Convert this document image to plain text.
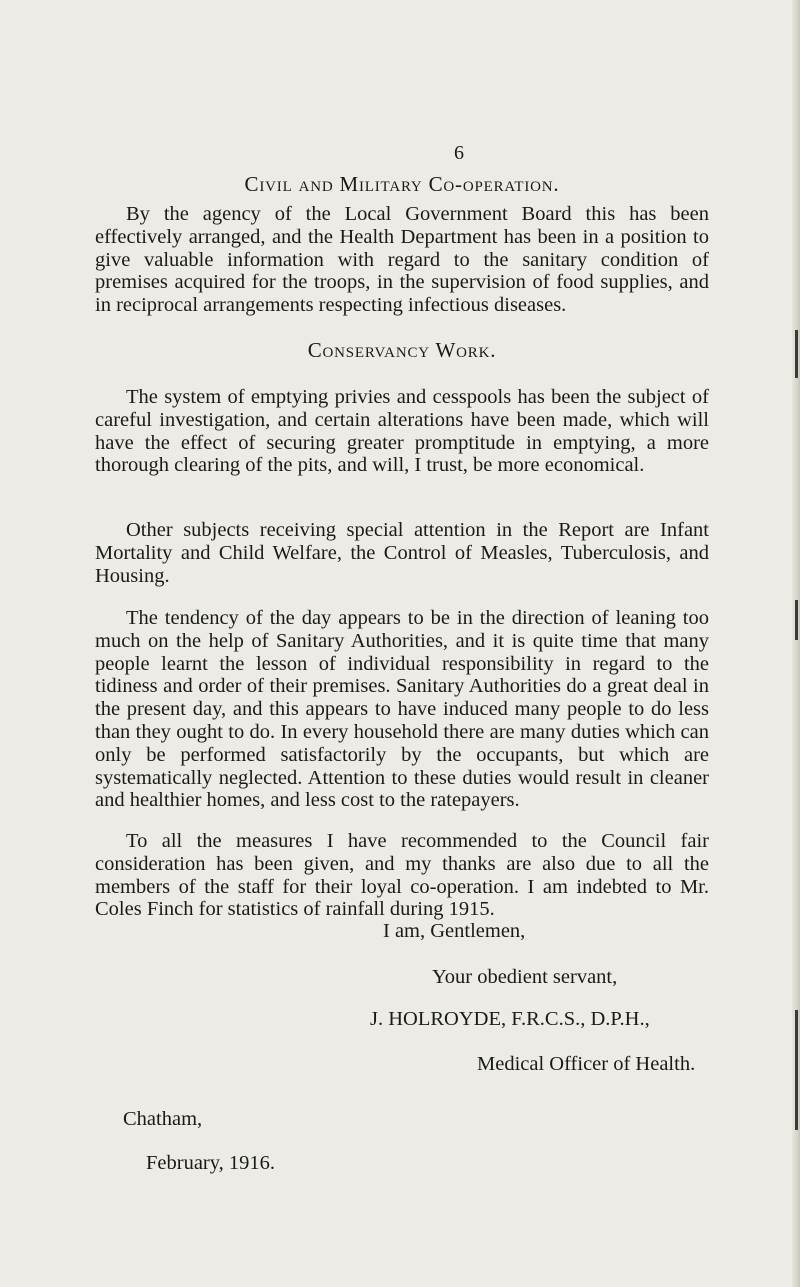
6
Civil and Military Co-operation.

By the agency of the Local Government Board this has been effectively arranged, and the Health Department has been in a position to give valuable information with regard to the sanitary condition of premises acquired for the troops, in the supervision of food supplies, and in reciprocal arrangements respecting infectious diseases.

Conservancy Work.

The system of emptying privies and cesspools has been the subject of careful investigation, and certain alterations have been made, which will have the effect of securing greater promptitude in emptying, a more thorough clearing of the pits, and will, I trust, be more economical.

Other subjects receiving special attention in the Report are Infant Mortality and Child Welfare, the Control of Measles, Tuberculosis, and Housing.

The tendency of the day appears to be in the direction of leaning too much on the help of Sanitary Authorities, and it is quite time that many people learnt the lesson of individual responsibility in regard to the tidiness and order of their premises. Sanitary Authorities do a great deal in the present day, and this appears to have induced many people to do less than they ought to do. In every household there are many duties which can only be performed satisfactorily by the occupants, but which are systematically neglected. Attention to these duties would result in cleaner and healthier homes, and less cost to the ratepayers.

To all the measures I have recommended to the Council fair consideration has been given, and my thanks are also due to all the members of the staff for their loyal co-operation. I am indebted to Mr. Coles Finch for statistics of rainfall during 1915.

I am, Gentlemen,
Your obedient servant,
J. HOLROYDE, F.R.C.S., D.P.H.,
Medical Officer of Health.
Chatham,
February, 1916.
